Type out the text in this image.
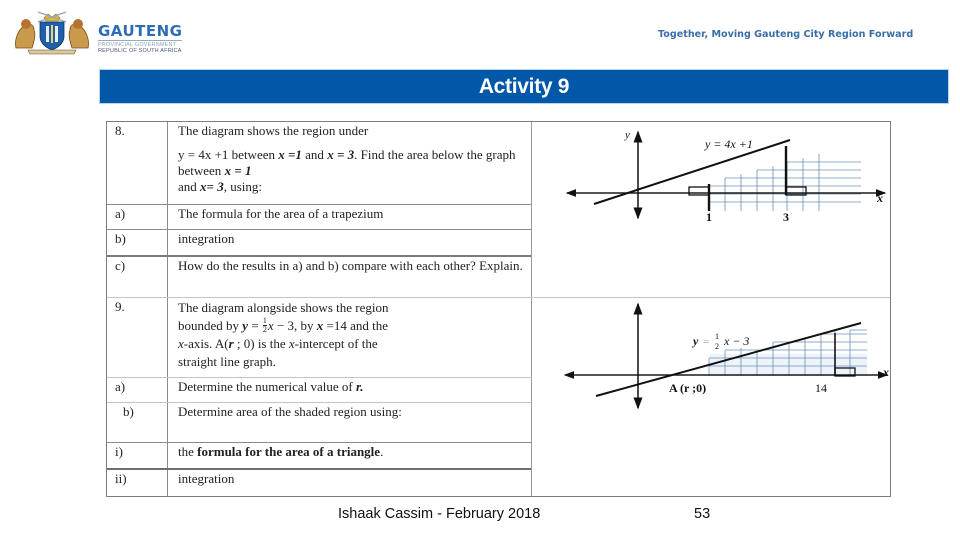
GAUTENG
PROVINCIAL GOVERNMENT
REPUBLIC OF SOUTH AFRICA
Together, Moving Gauteng City Region Forward
Activity 9
8.	The diagram shows the region under
y = 4x +1 between x =1 and x = 3. Find the area below the graph between x = 1
and x= 3, using:
a)	The formula for the area of a trapezium
b)	integration
c)	How do the results in a) and b) compare with each other? Explain.
9.	The diagram alongside shows the region
bounded by $y = \frac{1}{2}$ x − 3, by x =14 and the
x-axis. A(r ; 0) is the x-intercept of the
straight line graph.
a)	Determine the numerical value of r.
b)	Determine area of the shaded region using:
i)	the formula for the area of a triangle.
ii)	integration
y
x
y = 4x +1
1	3
y = 1
2 x − 3
x
A (r ;0)	14
Ishaak Cassim - February 2018	53
